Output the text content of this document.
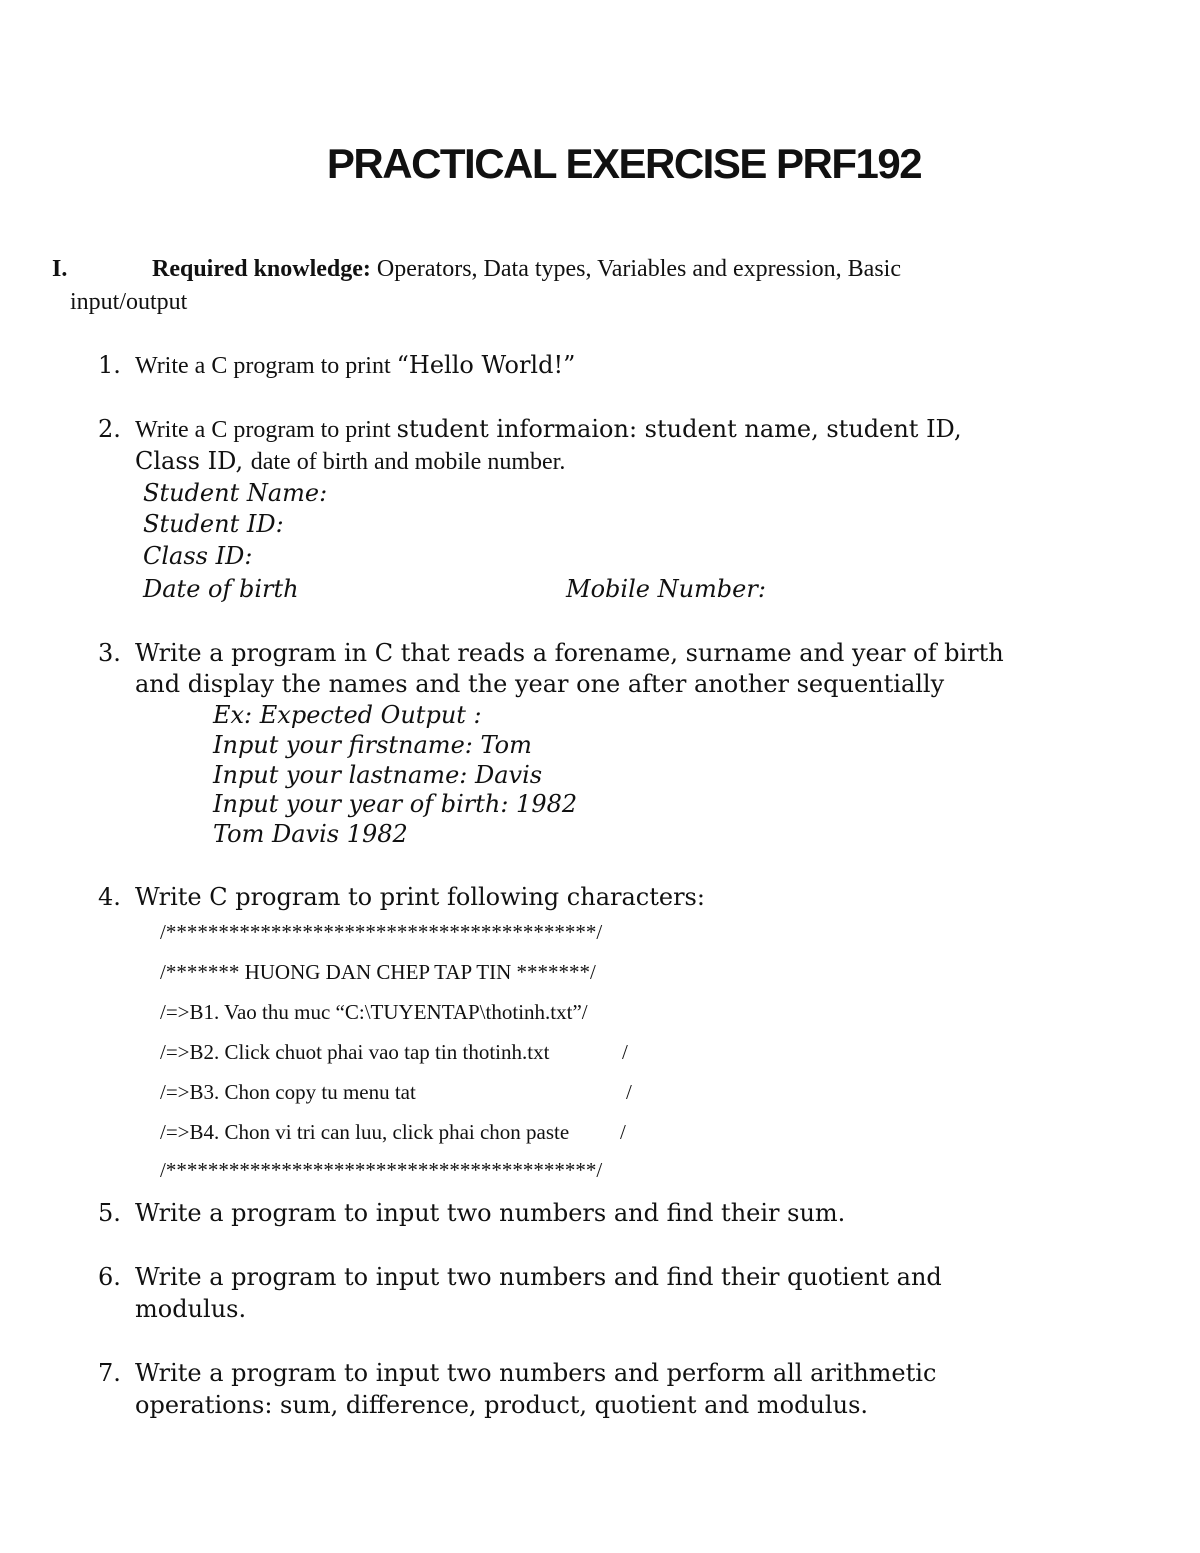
PRACTICAL EXERCISE PRF192
I.	Required knowledge: Operators, Data types, Variables and expression, Basic
input/output
1. Write a C program to print “Hello World!”
2. Write a C program to print student informaion: student name, student ID,
Class ID, date of birth and mobile number.
Student Name:
Student ID:
Class ID:
Date of birth	Mobile Number:
3. Write a program in C that reads a forename, surname and year of birth
and display the names and the year one after another sequentially
Ex: Expected Output :
Input your firstname: Tom
Input your lastname: Davis
Input your year of birth: 1982
Tom Davis 1982
4. Write C program to print following characters:
/*****************************************/
/******* HUONG DAN CHEP TAP TIN *******/
/=>B1. Vao thu muc “C:\TUYENTAP\thotinh.txt”/
/=>B2. Click chuot phai vao tap tin thotinh.txt	/
/=>B3. Chon copy tu menu tat	/
/=>B4. Chon vi tri can luu, click phai chon paste /
/*****************************************/
5. Write a program to input two numbers and find their sum.
6. Write a program to input two numbers and find their quotient and
modulus.
7. Write a program to input two numbers and perform all arithmetic
operations: sum, difference, product, quotient and modulus.
